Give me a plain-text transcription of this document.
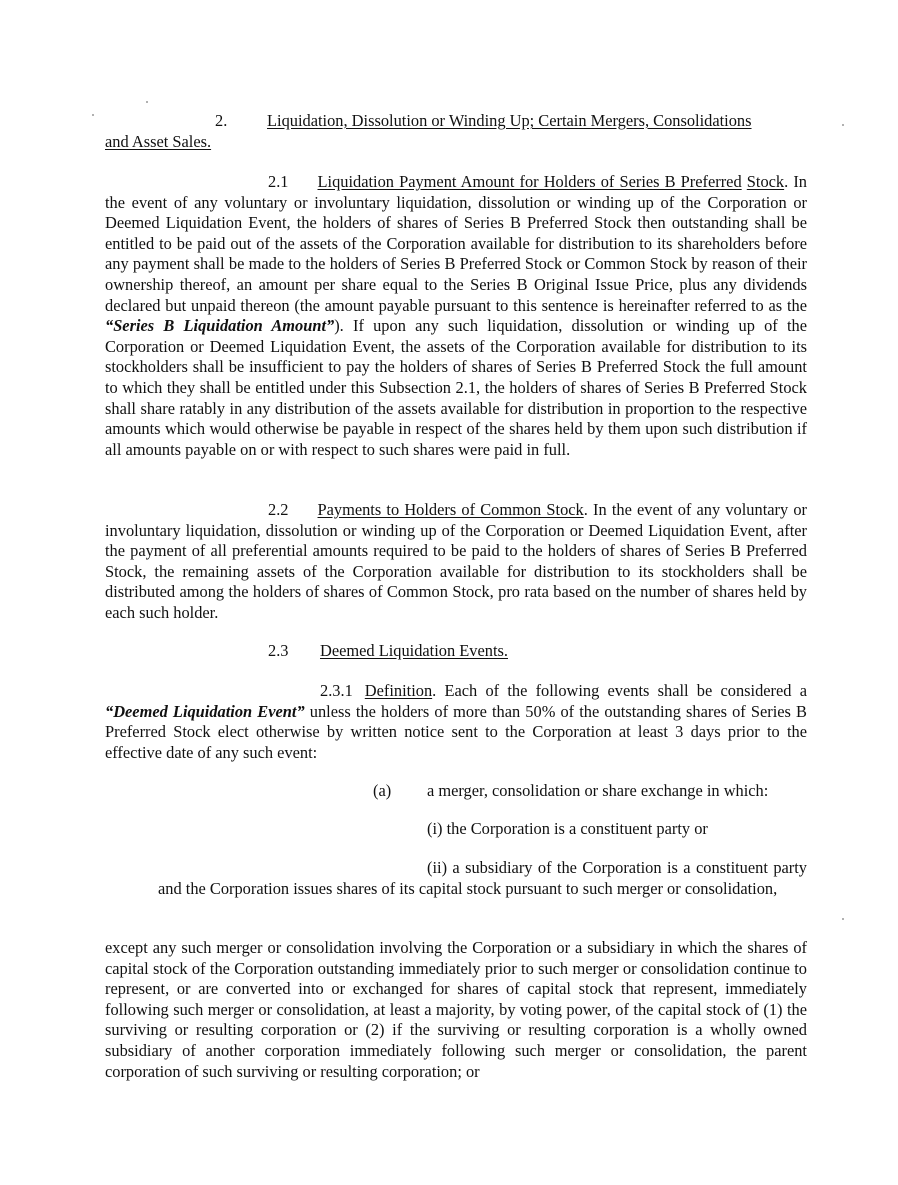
2. Liquidation, Dissolution or Winding Up; Certain Mergers, Consolidations
and Asset Sales.

2.1 Liquidation Payment Amount for Holders of Series B Preferred Stock. In the event of any voluntary or involuntary liquidation, dissolution or winding up of the Corporation or Deemed Liquidation Event, the holders of shares of Series B Preferred Stock then outstanding shall be entitled to be paid out of the assets of the Corporation available for distribution to its shareholders before any payment shall be made to the holders of Series B Preferred Stock or Common Stock by reason of their ownership thereof, an amount per share equal to the Series B Original Issue Price, plus any dividends declared but unpaid thereon (the amount payable pursuant to this sentence is hereinafter referred to as the “Series B Liquidation Amount”). If upon any such liquidation, dissolution or winding up of the Corporation or Deemed Liquidation Event, the assets of the Corporation available for distribution to its stockholders shall be insufficient to pay the holders of shares of Series B Preferred Stock the full amount to which they shall be entitled under this Subsection 2.1, the holders of shares of Series B Preferred Stock shall share ratably in any distribution of the assets available for distribution in proportion to the respective amounts which would otherwise be payable in respect of the shares held by them upon such distribution if all amounts payable on or with respect to such shares were paid in full.

2.2 Payments to Holders of Common Stock. In the event of any voluntary or involuntary liquidation, dissolution or winding up of the Corporation or Deemed Liquidation Event, after the payment of all preferential amounts required to be paid to the holders of shares of Series B Preferred Stock, the remaining assets of the Corporation available for distribution to its stockholders shall be distributed among the holders of shares of Common Stock, pro rata based on the number of shares held by each such holder.

2.3 Deemed Liquidation Events.

2.3.1 Definition. Each of the following events shall be considered a “Deemed Liquidation Event” unless the holders of more than 50% of the outstanding shares of Series B Preferred Stock elect otherwise by written notice sent to the Corporation at least 3 days prior to the effective date of any such event:

(a) a merger, consolidation or share exchange in which:
(i) the Corporation is a constituent party or

(ii) a subsidiary of the Corporation is a constituent party and the Corporation issues shares of its capital stock pursuant to such merger or consolidation,

except any such merger or consolidation involving the Corporation or a subsidiary in which the shares of capital stock of the Corporation outstanding immediately prior to such merger or consolidation continue to represent, or are converted into or exchanged for shares of capital stock that represent, immediately following such merger or consolidation, at least a majority, by voting power, of the capital stock of (1) the surviving or resulting corporation or (2) if the surviving or resulting corporation is a wholly owned subsidiary of another corporation immediately following such merger or consolidation, the parent corporation of such surviving or resulting corporation; or
